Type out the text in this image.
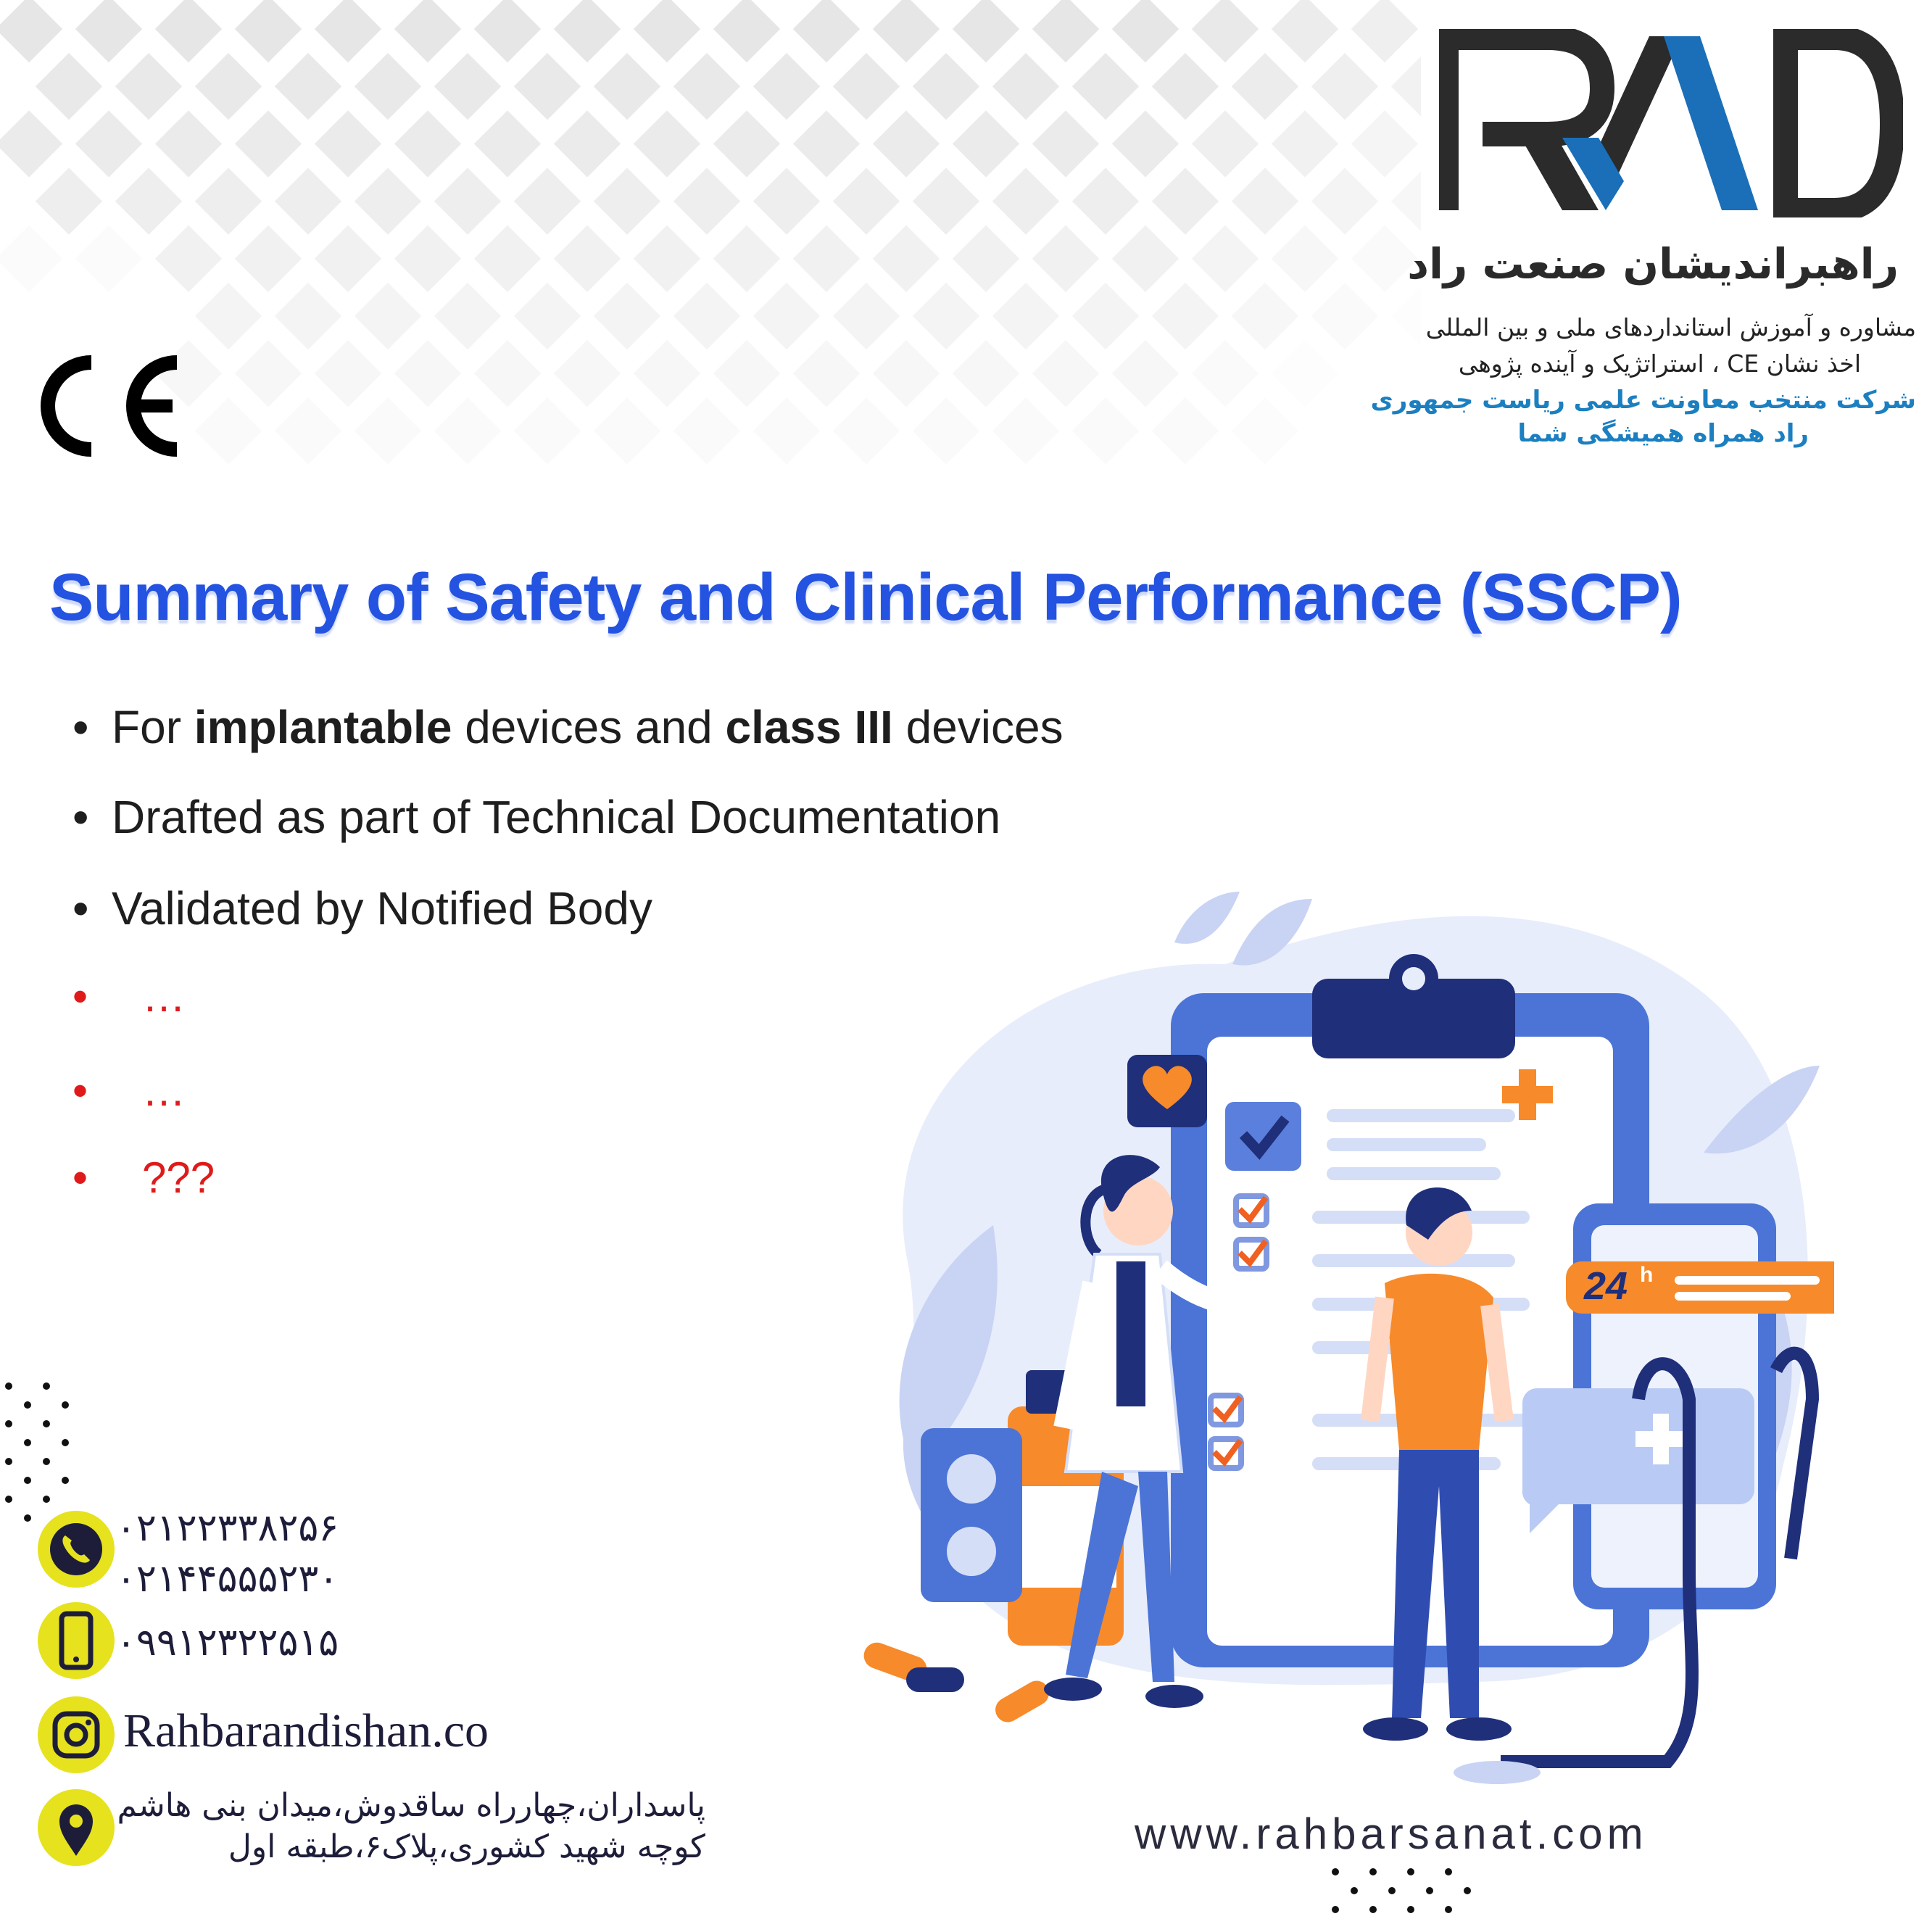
راهبراندیشان صنعت راد
مشاوره و آموزش استانداردهای ملی و بین المللی
اخذ نشان CE ، استراتژیک و آینده پژوهی
شرکت منتخب معاونت علمی ریاست جمهوری
راد همراه همیشگی شما
Summary of Safety and Clinical Performance (SSCP)
• For implantable devices and class III devices
• Drafted as part of Technical Documentation
• Validated by Notified Body
• …
• …
• ???
۰۲۱۲۲۳۳۸۲۵۶
۰۲۱۴۴۵۵۵۲۳۰
۰۹۹۱۲۳۲۲۵۱۵
Rahbarandishan.co
پاسداران،چهارراه ساقدوش،میدان بنی هاشم
کوچه شهید کشوری،پلاک۶،طبقه اول	www.rahbarsanat.com
24 h
